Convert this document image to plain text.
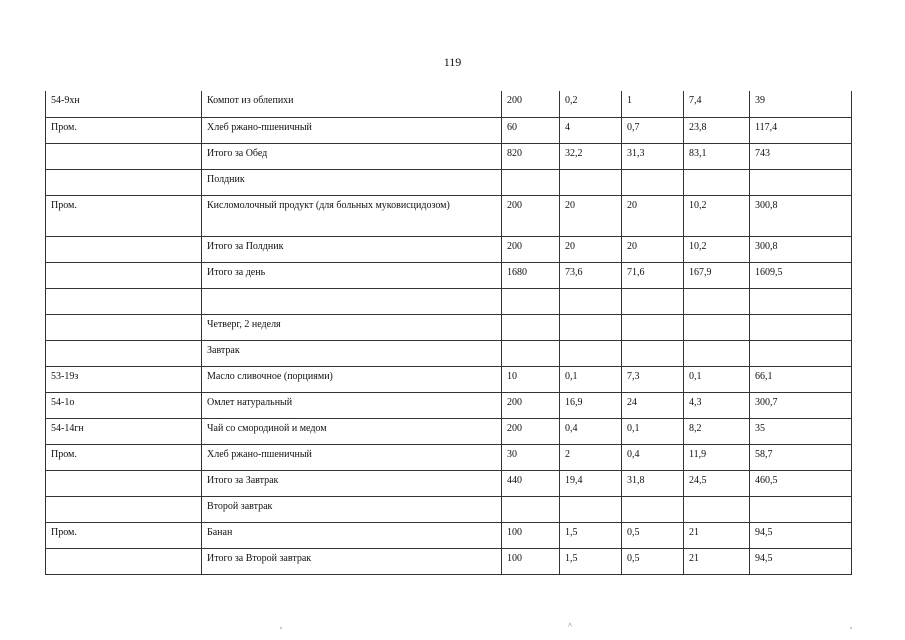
119
54-9хн	Компот из облепихи	200	0,2	1	7,4	39
Пром.	Хлеб ржано-пшеничный	60	4	0,7	23,8	117,4
	Итого за Обед	820	32,2	31,3	83,1	743
	Полдник					
Пром.	Кисломолочный продукт (для больных муковисцидозом)	200	20	20	10,2	300,8
	Итого за Полдник	200	20	20	10,2	300,8
	Итого за день	1680	73,6	71,6	167,9	1609,5

	Четверг, 2 неделя					
	Завтрак					
53-19з	Масло сливочное (порциями)	10	0,1	7,3	0,1	66,1
54-1о	Омлет натуральный	200	16,9	24	4,3	300,7
54-14гн	Чай со смородиной и медом	200	0,4	0,1	8,2	35
Пром.	Хлеб ржано-пшеничный	30	2	0,4	11,9	58,7
	Итого за Завтрак	440	19,4	31,8	24,5	460,5
	Второй завтрак					
Пром.	Банан	100	1,5	0,5	21	94,5
	Итого за Второй завтрак	100	1,5	0,5	21	94,5
,	^	,
